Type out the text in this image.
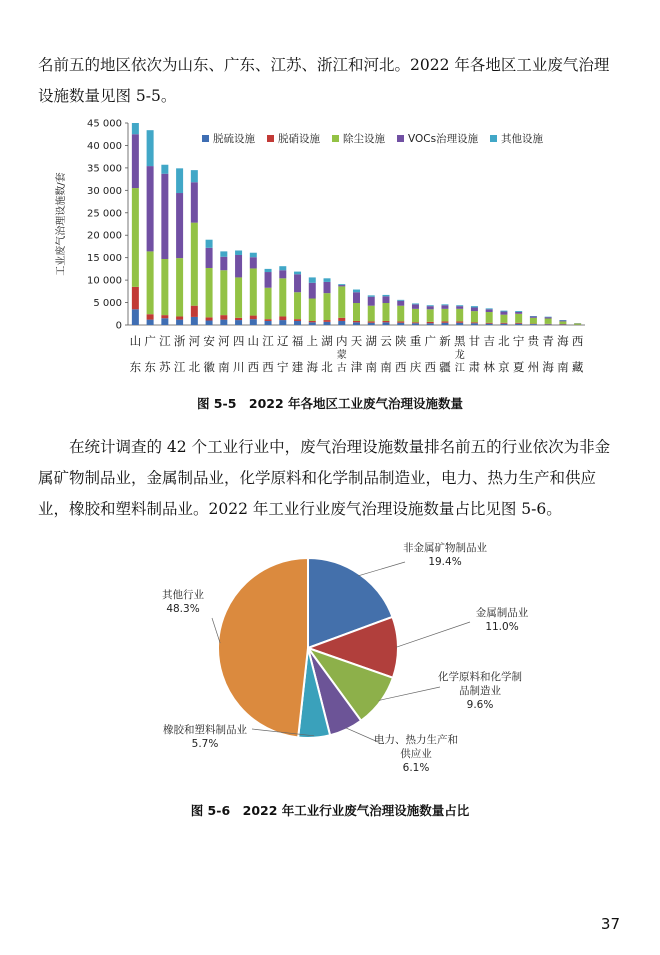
名前五的地区依次为山东、广东、江苏、浙江和河北。2022 年各地区工业废气治理设施数量见图 5-5。

0
5 000
10 000
15 000
20 000
25 000
30 000
35 000
40 000
45 000
工业废气治理设施数/套
山东
广东
江苏
浙江
河北
安徽
河南
四川
山西
江西
辽宁
福建
上海
湖北
内蒙古
天津
湖南
云南
陕西
重庆
广西
新疆
黑龙江
甘肃
吉林
北京
宁夏
贵州
青海
海南
西藏
脱硫设施 脱硝设施 除尘设施 VOCs治理设施 其他设施
图 5-5　2022 年各地区工业废气治理设施数量

在统计调查的 42 个工业行业中，废气治理设施数量排名前五的行业依次为非金属矿物制品业，金属制品业，化学原料和化学制品制造业，电力、热力生产和供应业，橡胶和塑料制品业。2022 年工业行业废气治理设施数量占比见图 5-6。

非金属矿物制品业
19.4%
金属制品业
11.0%
化学原料和化学制
品制造业
9.6%
电力、热力生产和
供应业
6.1%
橡胶和塑料制品业
5.7%
其他行业
48.3%
图 5-6　2022 年工业行业废气治理设施数量占比
37
